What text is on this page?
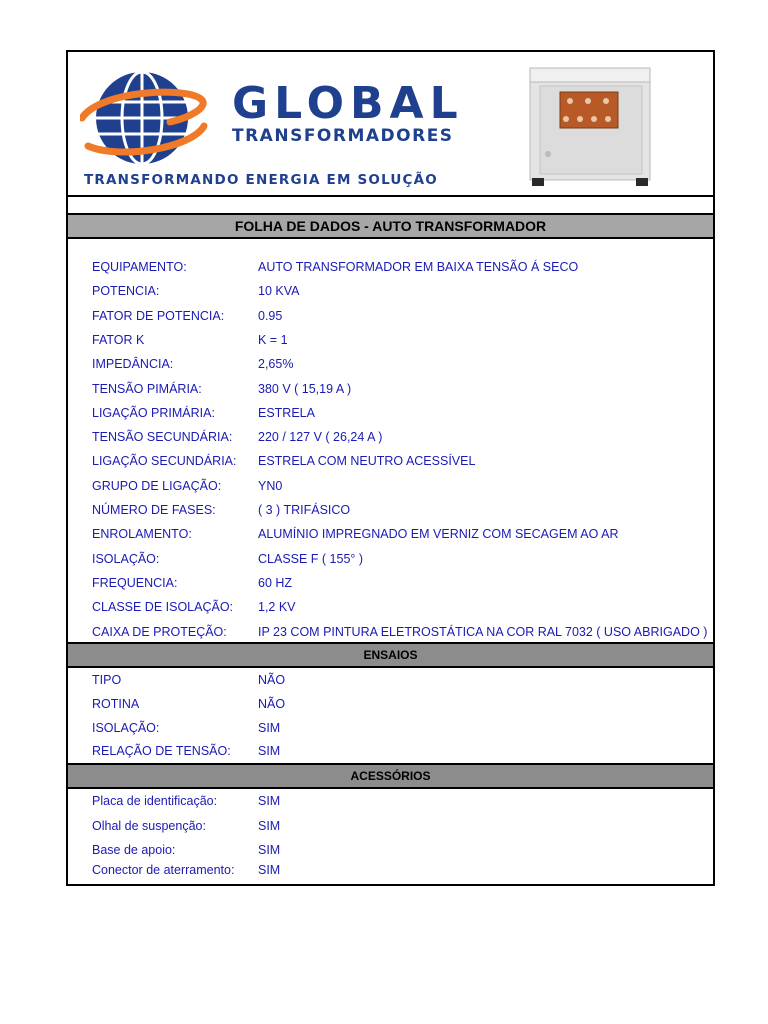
GLOBAL
TRANSFORMADORES
TRANSFORMANDO ENERGIA EM SOLUÇÃO
FOLHA DE DADOS - AUTO TRANSFORMADOR
EQUIPAMENTO:	AUTO TRANSFORMADOR EM BAIXA TENSÃO Á SECO
POTENCIA:	10 KVA
FATOR DE POTENCIA:	0.95
FATOR K	K = 1
IMPEDÂNCIA:	2,65%
TENSÃO PIMÁRIA:	380 V ( 15,19 A )
LIGAÇÃO PRIMÁRIA:	ESTRELA
TENSÃO SECUNDÁRIA: 220 / 127 V ( 26,24 A )
LIGAÇÃO SECUNDÁRIA: ESTRELA COM NEUTRO ACESSÍVEL
GRUPO DE LIGAÇÃO:	YN0
NÚMERO DE FASES:	( 3 ) TRIFÁSICO
ENROLAMENTO:	ALUMÍNIO IMPREGNADO EM VERNIZ COM SECAGEM AO AR
ISOLAÇÃO:	CLASSE F ( 155° )
FREQUENCIA:	60 HZ
CLASSE DE ISOLAÇÃO: 1,2 KV
CAIXA DE PROTEÇÃO: IP 23 COM PINTURA ELETROSTÁTICA NA COR RAL 7032 ( USO ABRIGADO )
ENSAIOS
TIPO	NÃO
ROTINA	NÃO
ISOLAÇÃO:	SIM
RELAÇÃO DE TENSÃO: SIM
ACESSÓRIOS
Placa de identificação:	SIM
Olhal de suspenção:	SIM
Base de apoio:	SIM
Conector de aterramento: SIM
